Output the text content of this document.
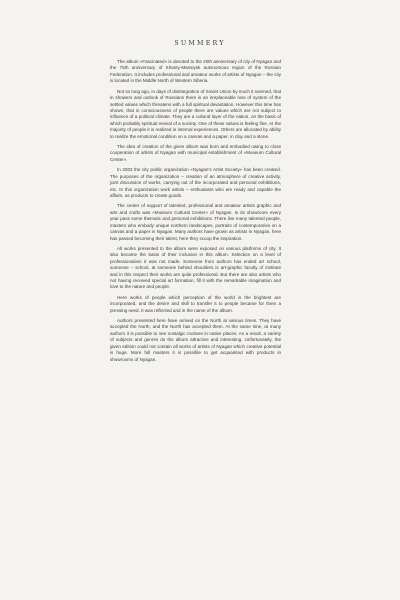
SUMMERY

The album «Fascinated» is devoted to the 20th anniversary of city of Nyagan and the 75th anniversary of Khanty-Mansiysk autonomous region of the Russian Federation. It includes professional and amateur works of artists of Nyagan – the city is located in the Middle North of Western Siberia.

Not so long ago, in days of disintegration of Soviet Union by much it seemed, that in showers and outlook of Russians there is an irreplaceable loss of system of the settled values which threatens with a full spiritual devastation. However this time has shown, that in consciousness of people there are values which are not subject to influence of a political climate. They are a cultural layer of the nation, on the basis of which probably spiritual revival of a society. One of these values is feeling fine. At the majority of people it is realized in internal experiences. Others are allocated by ability to realize the emotional condition on a canvas and a paper, in clay and a stone.

The idea of creation of the given album was born and embodied owing to close cooperation of artists of Nyagan with municipal establishment of «Museum Cultural Center».

In 2002 the city public organization «Nyagan's Artist Society» has been created. The purposes of the organization – creation of an atmosphere of creative activity, joint discussion of works, carrying out of the incorporated and personal exhibitions, etc. In this organization work artists – enthusiasts who are ready and capable the affairs, as products to create goods.

The center of support of talented, professional and amateur artists graphic and arts and crafts was «Museum Cultural Center» of Nyagan. In its showroom every year pass some thematic and personal exhibitions. There live many talented people, masters who embody unique northern landscapes, portraits of contemporaries on a canvas and a paper in Nyagan. Many authors have grown as artists in Nyagan, here has passed becoming their talent, here they scoop the inspiration.

All works presented to the album were exposed on various platforms of city. It also became the basis of their inclusion in this album. Selection on a level of professionalism it was not made. Someone from authors has ended art school, someone – school, at someone behind shoulders is art-graphic faculty of institute and in this respect their works are quite professional. But there are also artists who not having received special art formation, fill it with the remarkable imagination and love to the nature and people.

Here works of people which perception of the world is the brightest are incorporated, and the desire and skill to transfer it to people became for them a pressing need. It was reflected and in the name of the album.

Authors presented here have arrived on the North at various times. They have accepted the North, and the North has accepted them. At the same time, at many authors it is possible to see nostalgic motives in native places. As a result, a variety of subjects and genres do the album attractive and interesting. Unfortunately, the given edition could not contain all works of artists of Nyagan which creative potential is huge. More full masters it is possible to get acquainted with products in showrooms of Nyagan.
